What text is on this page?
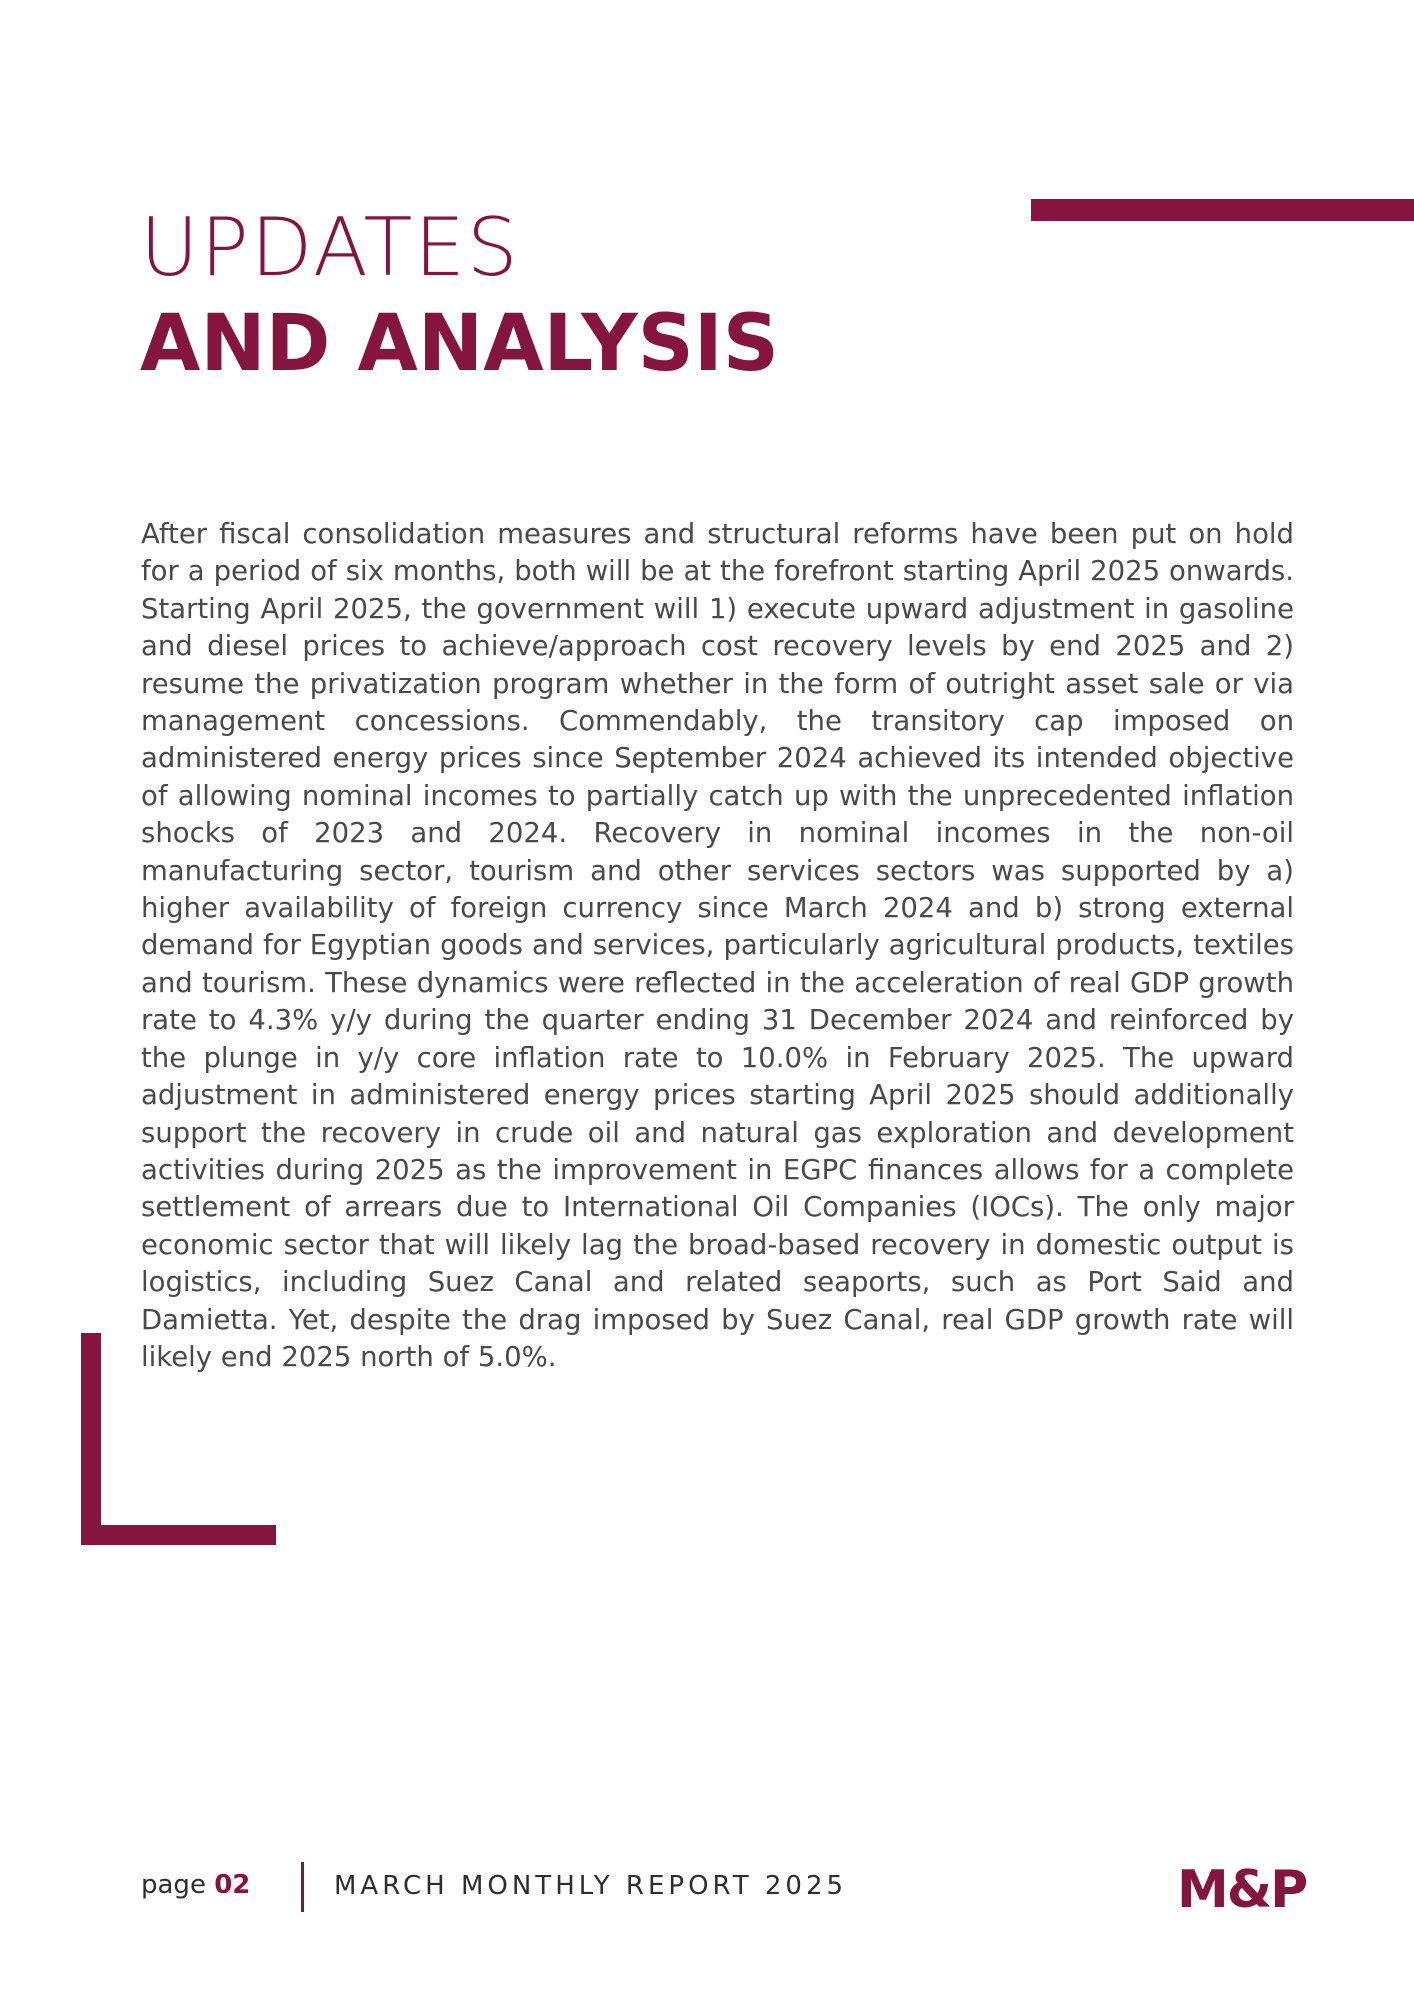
UPDATES
AND ANALYSIS

After fiscal consolidation measures and structural reforms have been put on hold for a period of six months, both will be at the forefront starting April 2025 onwards. Starting April 2025, the government will 1) execute upward adjustment in gasoline and diesel prices to achieve/approach cost recovery levels by end 2025 and 2) resume the privatization program whether in the form of outright asset sale or via management concessions. Commendably, the transitory cap imposed on administered energy prices since September 2024 achieved its intended objective of allowing nominal incomes to partially catch up with the unprecedented inflation shocks of 2023 and 2024. Recovery in nominal incomes in the non-oil manufacturing sector, tourism and other services sectors was supported by a) higher availability of foreign currency since March 2024 and b) strong external demand for Egyptian goods and services, particularly agricultural products, textiles and tourism. These dynamics were reflected in the acceleration of real GDP growth rate to 4.3% y/y during the quarter ending 31 December 2024 and reinforced by the plunge in y/y core inflation rate to 10.0% in February 2025. The upward adjustment in administered energy prices starting April 2025 should additionally support the recovery in crude oil and natural gas exploration and development activities during 2025 as the improvement in EGPC finances allows for a complete settlement of arrears due to International Oil Companies (IOCs). The only major economic sector that will likely lag the broad-based recovery in domestic output is logistics, including Suez Canal and related seaports, such as Port Said and Damietta. Yet, despite the drag imposed by Suez Canal, real GDP growth rate will likely end 2025 north of 5.0%.

page 02	MARCH MONTHLY REPORT 2025	M&P
